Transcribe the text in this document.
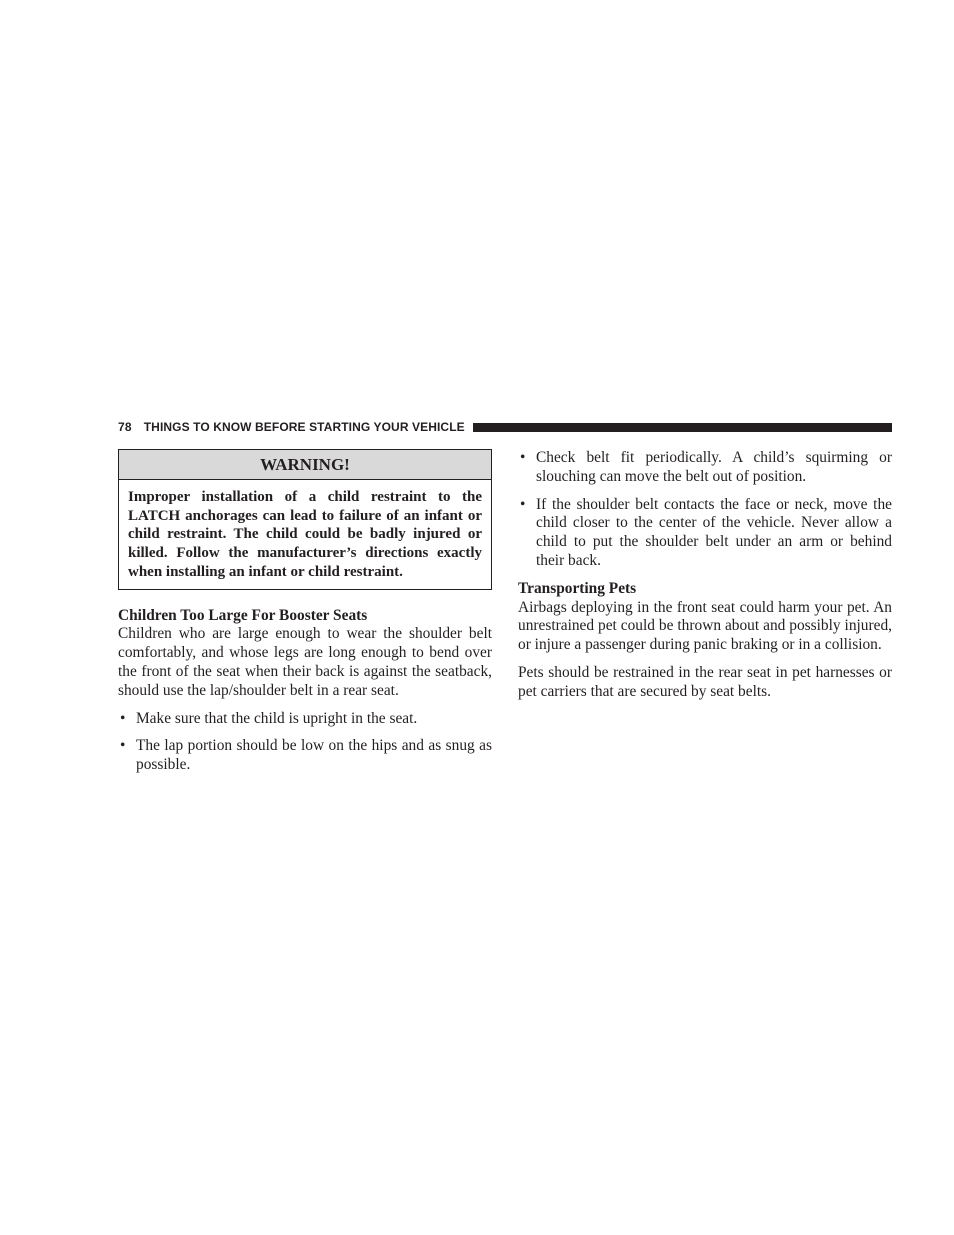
78 THINGS TO KNOW BEFORE STARTING YOUR VEHICLE
WARNING!
Improper installation of a child restraint to the LATCH anchorages can lead to failure of an infant or child restraint. The child could be badly injured or killed. Follow the manufacturer’s directions exactly when installing an infant or child restraint.

Children Too Large For Booster Seats

Children who are large enough to wear the shoulder belt comfortably, and whose legs are long enough to bend over the front of the seat when their back is against the seatback, should use the lap/shoulder belt in a rear seat.

• Make sure that the child is upright in the seat.
• The lap portion should be low on the hips and as snug as possible.
• Check belt fit periodically. A child’s squirming or slouching can move the belt out of position.
• If the shoulder belt contacts the face or neck, move the child closer to the center of the vehicle. Never allow a child to put the shoulder belt under an arm or behind their back.

Transporting Pets

Airbags deploying in the front seat could harm your pet. An unrestrained pet could be thrown about and possibly injured, or injure a passenger during panic braking or in a collision.

Pets should be restrained in the rear seat in pet harnesses or pet carriers that are secured by seat belts.
